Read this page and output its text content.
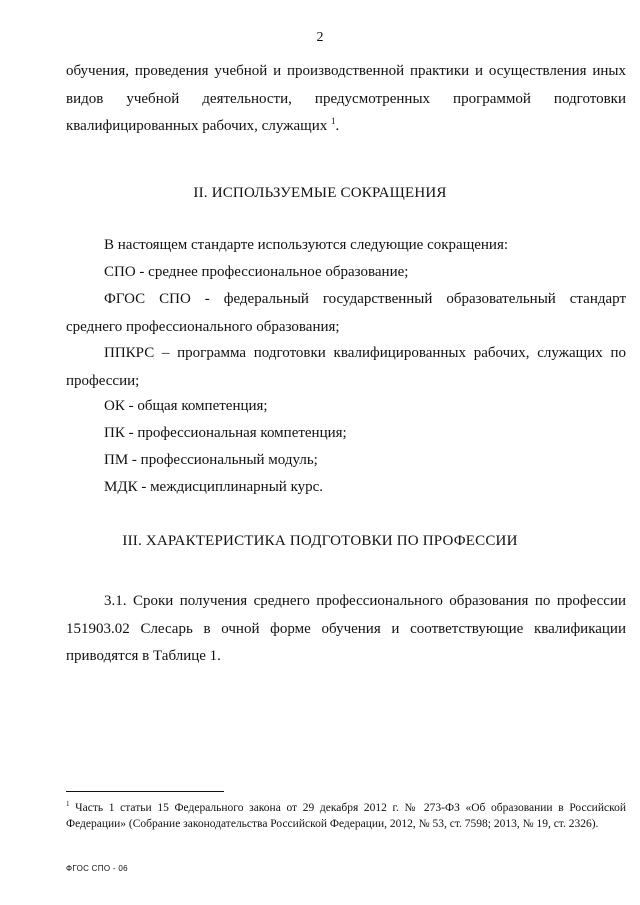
2
обучения, проведения учебной и производственной практики и осуществления иных
видов учебной деятельности, предусмотренных программой подготовки
квалифицированных рабочих, служащих $^1$.
II. ИСПОЛЬЗУЕМЫЕ СОКРАЩЕНИЯ
В настоящем стандарте используются следующие сокращения:
СПО - среднее профессиональное образование;
ФГОС СПО - федеральный государственный образовательный стандарт
среднего профессионального образования;
ППКРС – программа подготовки квалифицированных рабочих, служащих по
профессии;
ОК - общая компетенция;
ПК - профессиональная компетенция;
ПМ - профессиональный модуль;
МДК - междисциплинарный курс.
III. ХАРАКТЕРИСТИКА ПОДГОТОВКИ ПО ПРОФЕССИИ
3.1. Сроки получения среднего профессионального образования по профессии
151903.02 Слесарь в очной форме обучения и соответствующие квалификации
приводятся в Таблице 1.
$^1$ Часть 1 статьи 15 Федерального закона от 29 декабря 2012 г. № 273-ФЗ «Об образовании в Российской Федерации» (Собрание законодательства Российской Федерации, 2012, № 53, ст. 7598; 2013, № 19, ст. 2326).
ФГОС СПО - 06
